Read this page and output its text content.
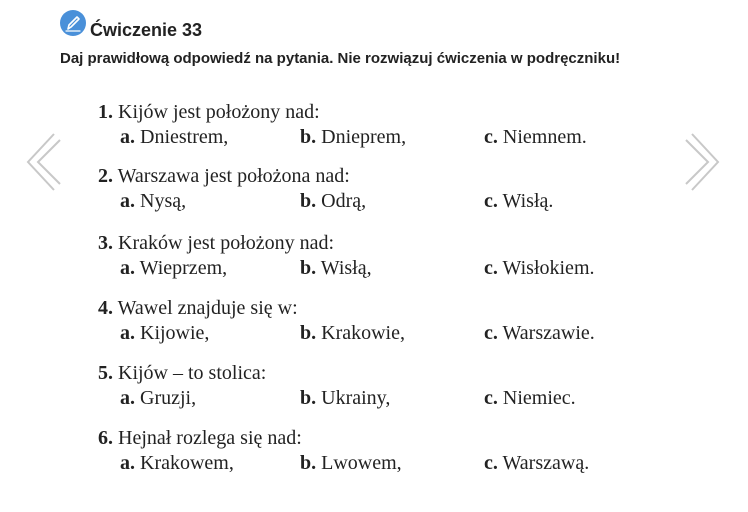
Ćwiczenie 33
Daj prawidłową odpowiedź na pytania. Nie rozwiązuj ćwiczenia w podręczniku!
1. Kijów jest położony nad:
a. Dniestrem,	b. Dnieprem,	c. Niemnem.
2. Warszawa jest położona nad:
a. Nysą,	b. Odrą,	c. Wisłą.
3. Kraków jest położony nad:
a. Wieprzem,	b. Wisłą,	c. Wisłokiem.
4. Wawel znajduje się w:
a. Kijowie,	b. Krakowie,	c. Warszawie.
5. Kijów – to stolica:
a. Gruzji,	b. Ukrainy,	c. Niemiec.
6. Hejnał rozlega się nad:
a. Krakowem,	b. Lwowem,	c. Warszawą.
